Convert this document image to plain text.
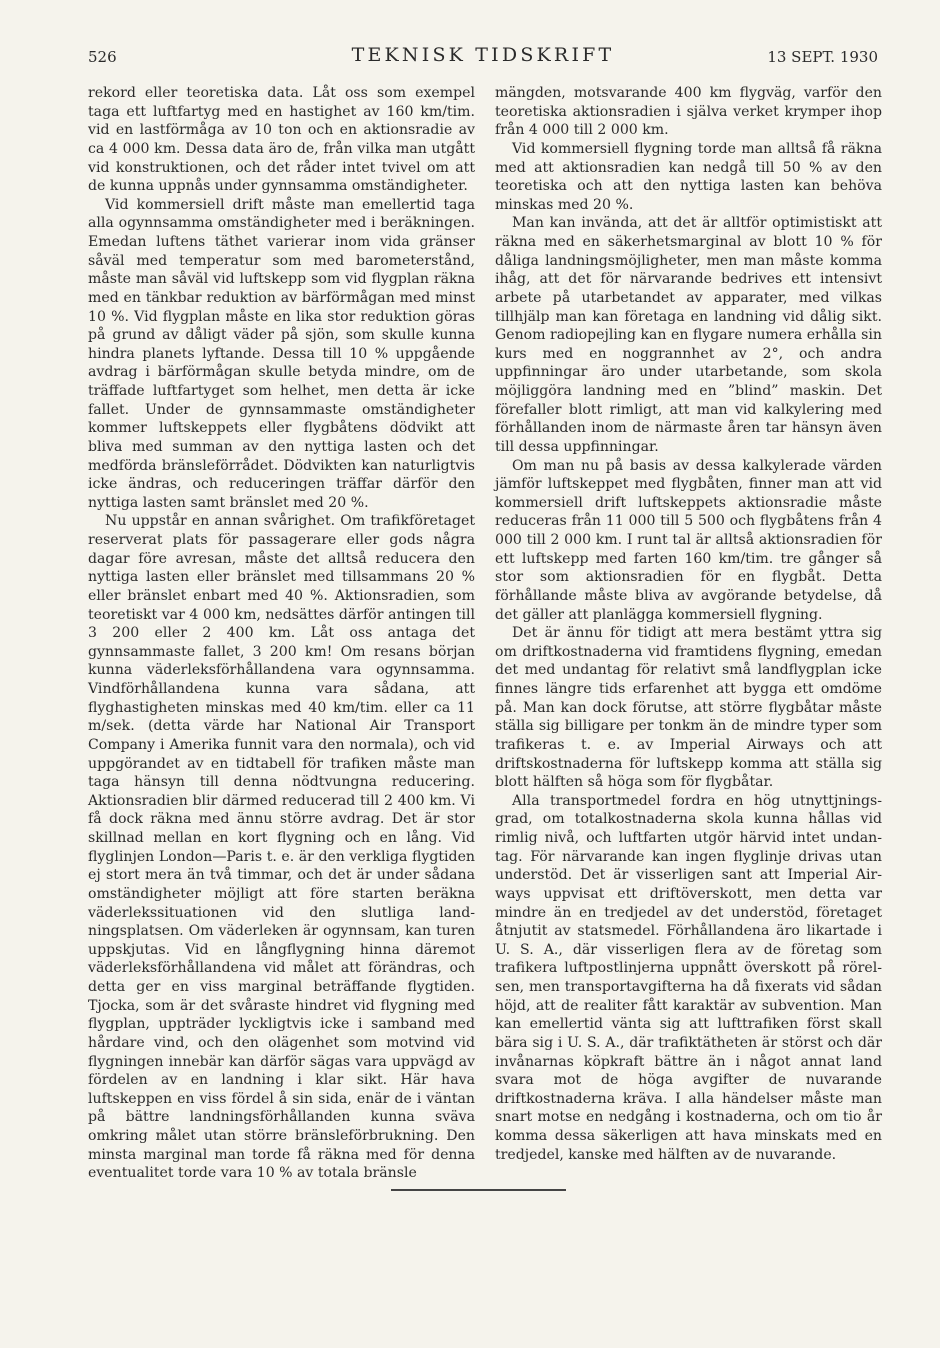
526	TEKNISK TIDSKRIFT	13 SEPT. 1930

rekord eller teoretiska data. Låt oss som exempel taga ett luftfartyg med en hastighet av 160 km/tim. vid en lastförmåga av 10 ton och en aktionsradie av ca 4 000 km. Dessa data äro de, från vilka man utgått vid konstruktionen, och det råder intet tvivel om att de kunna uppnås under gynnsamma omständigheter.

Vid kommersiell drift måste man emellertid taga alla ogynnsamma omständigheter med i beräkningen. Emedan luftens täthet varierar inom vida gränser såväl med temperatur som med barometerstånd, måste man såväl vid luftskepp som vid flygplan räkna med en tänkbar reduktion av bärförmågan med minst 10 %. Vid flygplan måste en lika stor reduktion göras på grund av dåligt väder på sjön, som skulle kunna hindra planets lyftande. Dessa till 10 % uppgående avdrag i bärförmågan skulle betyda mindre, om de träffade luftfartyget som helhet, men detta är icke fallet. Under de gynnsammaste omständigheter kommer luftskeppets eller flygbåtens dödvikt att bliva med summan av den nyttiga lasten och det medförda bränsleförrådet. Dödvikten kan naturligtvis icke ändras, och reduceringen träffar därför den nyttiga lasten samt bränslet med 20 %.

Nu uppstår en annan svårighet. Om trafikföretaget reserverat plats för passagerare eller gods några dagar före avresan, måste det alltså reducera den nyttiga lasten eller bränslet med tillsammans 20 % eller bränslet enbart med 40 %. Aktionsradien, som teoretiskt var 4 000 km, nedsättes därför antingen till 3 200 eller 2 400 km. Låt oss antaga det gynnsammaste fallet, 3 200 km! Om resans början kunna väderleksförhållandena vara ogynnsamma. Vindförhållandena kunna vara sådana, att flyghastigheten minskas med 40 km/tim. eller ca 11 m/sek. (detta värde har National Air Transport Company i Amerika funnit vara den normala), och vid uppgörandet av en tidtabell för trafiken måste man taga hänsyn till denna nödtvungna reducering. Aktionsradien blir därmed reducerad till 2 400 km. Vi få dock räkna med ännu större avdrag. Det är stor skillnad mellan en kort flygning och en lång. Vid flyglinjen London—Paris t. e. är den verkliga flygtiden ej stort mera än två timmar, och det är under sådana omständigheter möjligt att före starten beräkna väderlekssituationen vid den slutliga landningsplatsen. Om väderleken är ogynnsam, kan turen uppskjutas. Vid en långflygning hinna däremot väderleksförhållandena vid målet att förändras, och detta ger en viss marginal beträffande flygtiden. Tjocka, som är det svåraste hindret vid flygning med flygplan, uppträder lyckligtvis icke i samband med hårdare vind, och den olägenhet som motvind vid flygningen innebär kan därför sägas vara uppvägd av fördelen av en landning i klar sikt. Här hava luftskeppen en viss fördel å sin sida, enär de i väntan på bättre landningsförhållanden kunna sväva omkring målet utan större bränsleförbrukning. Den minsta marginal man torde få räkna med för denna eventualitet torde vara 10 % av totala bränsle

mängden, motsvarande 400 km flygväg, varför den teoretiska aktionsradien i själva verket krymper ihop från 4 000 till 2 000 km.

Vid kommersiell flygning torde man alltså få räkna med att aktionsradien kan nedgå till 50 % av den teoretiska och att den nyttiga lasten kan behöva minskas med 20 %.

Man kan invända, att det är alltför optimistiskt att räkna med en säkerhetsmarginal av blott 10 % för dåliga landningsmöjligheter, men man måste komma ihåg, att det för närvarande bedrives ett intensivt arbete på utarbetandet av apparater, med vilkas tillhjälp man kan företaga en landning vid dålig sikt. Genom radiopejling kan en flygare numera erhålla sin kurs med en noggrannhet av 2°, och andra uppfinningar äro under utarbetande, som skola möjliggöra landning med en ”blind” maskin. Det förefaller blott rimligt, att man vid kalkylering med förhållanden inom de närmaste åren tar hänsyn även till dessa uppfinningar.

Om man nu på basis av dessa kalkylerade värden jämför luftskeppet med flygbåten, finner man att vid kommersiell drift luftskeppets aktionsradie måste reduceras från 11 000 till 5 500 och flygbåtens från 4 000 till 2 000 km. I runt tal är alltså aktionsradien för ett luftskepp med farten 160 km/tim. tre gånger så stor som aktionsradien för en flygbåt. Detta förhållande måste bliva av avgörande betydelse, då det gäller att planlägga kommersiell flygning.

Det är ännu för tidigt att mera bestämt yttra sig om driftkostnaderna vid framtidens flygning, emedan det med undantag för relativt små landflygplan icke finnes längre tids erfarenhet att bygga ett omdöme på. Man kan dock förutse, att större flygbåtar måste ställa sig billigare per tonkm än de mindre typer som trafikeras t. e. av Imperial Airways och att driftskostnaderna för luftskepp komma att ställa sig blott hälften så höga som för flygbåtar.

Alla transportmedel fordra en hög utnyttjningsgrad, om totalkostnaderna skola kunna hållas vid rimlig nivå, och luftfarten utgör härvid intet undantag. För närvarande kan ingen flyglinje drivas utan understöd. Det är visserligen sant att Imperial Airways uppvisat ett driftöverskott, men detta var mindre än en tredjedel av det understöd, företaget åtnjutit av statsmedel. Förhållandena äro likartade i U. S. A., där visserligen flera av de företag som trafikera luftpostlinjerna uppnått överskott på rörelsen, men transportavgifterna ha då fixerats vid sådan höjd, att de realiter fått karaktär av subvention. Man kan emellertid vänta sig att lufttrafiken först skall bära sig i U. S. A., där trafiktätheten är störst och där invånarnas köpkraft bättre än i något annat land svara mot de höga avgifter de nuvarande driftkostnaderna kräva. I alla händelser måste man snart motse en nedgång i kostnaderna, och om tio år komma dessa säkerligen att hava minskats med en tredjedel, kanske med hälften av de nuvarande.
